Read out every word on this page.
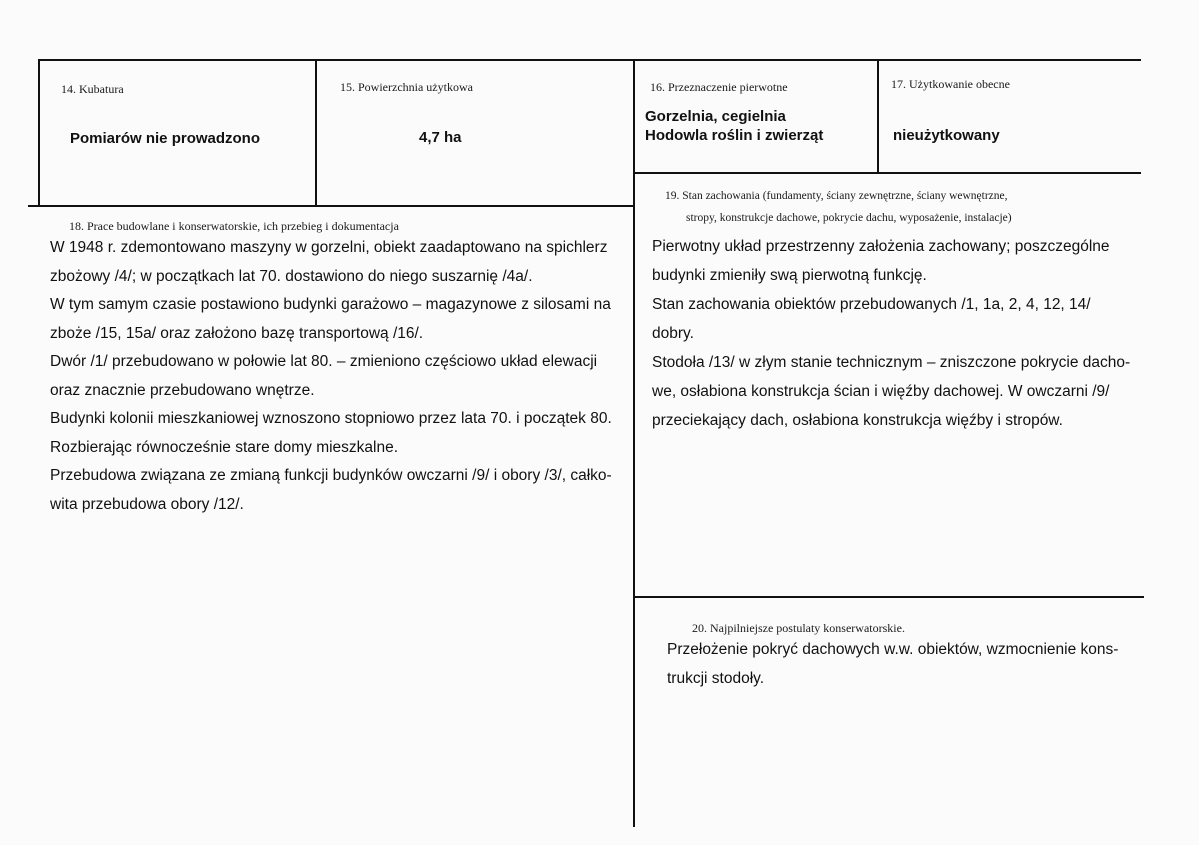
14. Kubatura
Pomiarów nie prowadzono
15. Powierzchnia użytkowa
4,7 ha
16. Przeznaczenie pierwotne
Gorzelnia, cegielnia
Hodowla roślin i zwierząt
17. Użytkowanie obecne
nieużytkowany
18. Prace budowlane i konserwatorskie, ich przebieg i dokumentacja

W 1948 r. zdemontowano maszyny w gorzelni, obiekt zaadaptowano na spichlerz

zbożowy /4/; w początkach lat 70. dostawiono do niego suszarnię /4a/.

W tym samym czasie postawiono budynki garażowo – magazynowe z silosami na

zboże /15, 15a/ oraz założono bazę transportową /16/.

Dwór /1/ przebudowano w połowie lat 80. – zmieniono częściowo układ elewacji

oraz znacznie przebudowano wnętrze.

Budynki kolonii mieszkaniowej wznoszono stopniowo przez lata 70. i początek 80.

Rozbierając równocześnie stare domy mieszkalne.

Przebudowa związana ze zmianą funkcji budynków owczarni /9/ i obory /3/, całko-

wita przebudowa obory /12/.

19. Stan zachowania (fundamenty, ściany zewnętrzne, ściany wewnętrzne,
stropy, konstrukcje dachowe, pokrycie dachu, wyposażenie, instalacje)

Pierwotny układ przestrzenny założenia zachowany; poszczególne

budynki zmieniły swą pierwotną funkcję.

Stan zachowania obiektów przebudowanych /1, 1a, 2, 4, 12, 14/

dobry.

Stodoła /13/ w złym stanie technicznym – zniszczone pokrycie dacho-

we, osłabiona konstrukcja ścian i więźby dachowej. W owczarni /9/

przeciekający dach, osłabiona konstrukcja więźby i stropów.

20. Najpilniejsze postulaty konserwatorskie.

Przełożenie pokryć dachowych w.w. obiektów, wzmocnienie kons-

trukcji stodoły.
